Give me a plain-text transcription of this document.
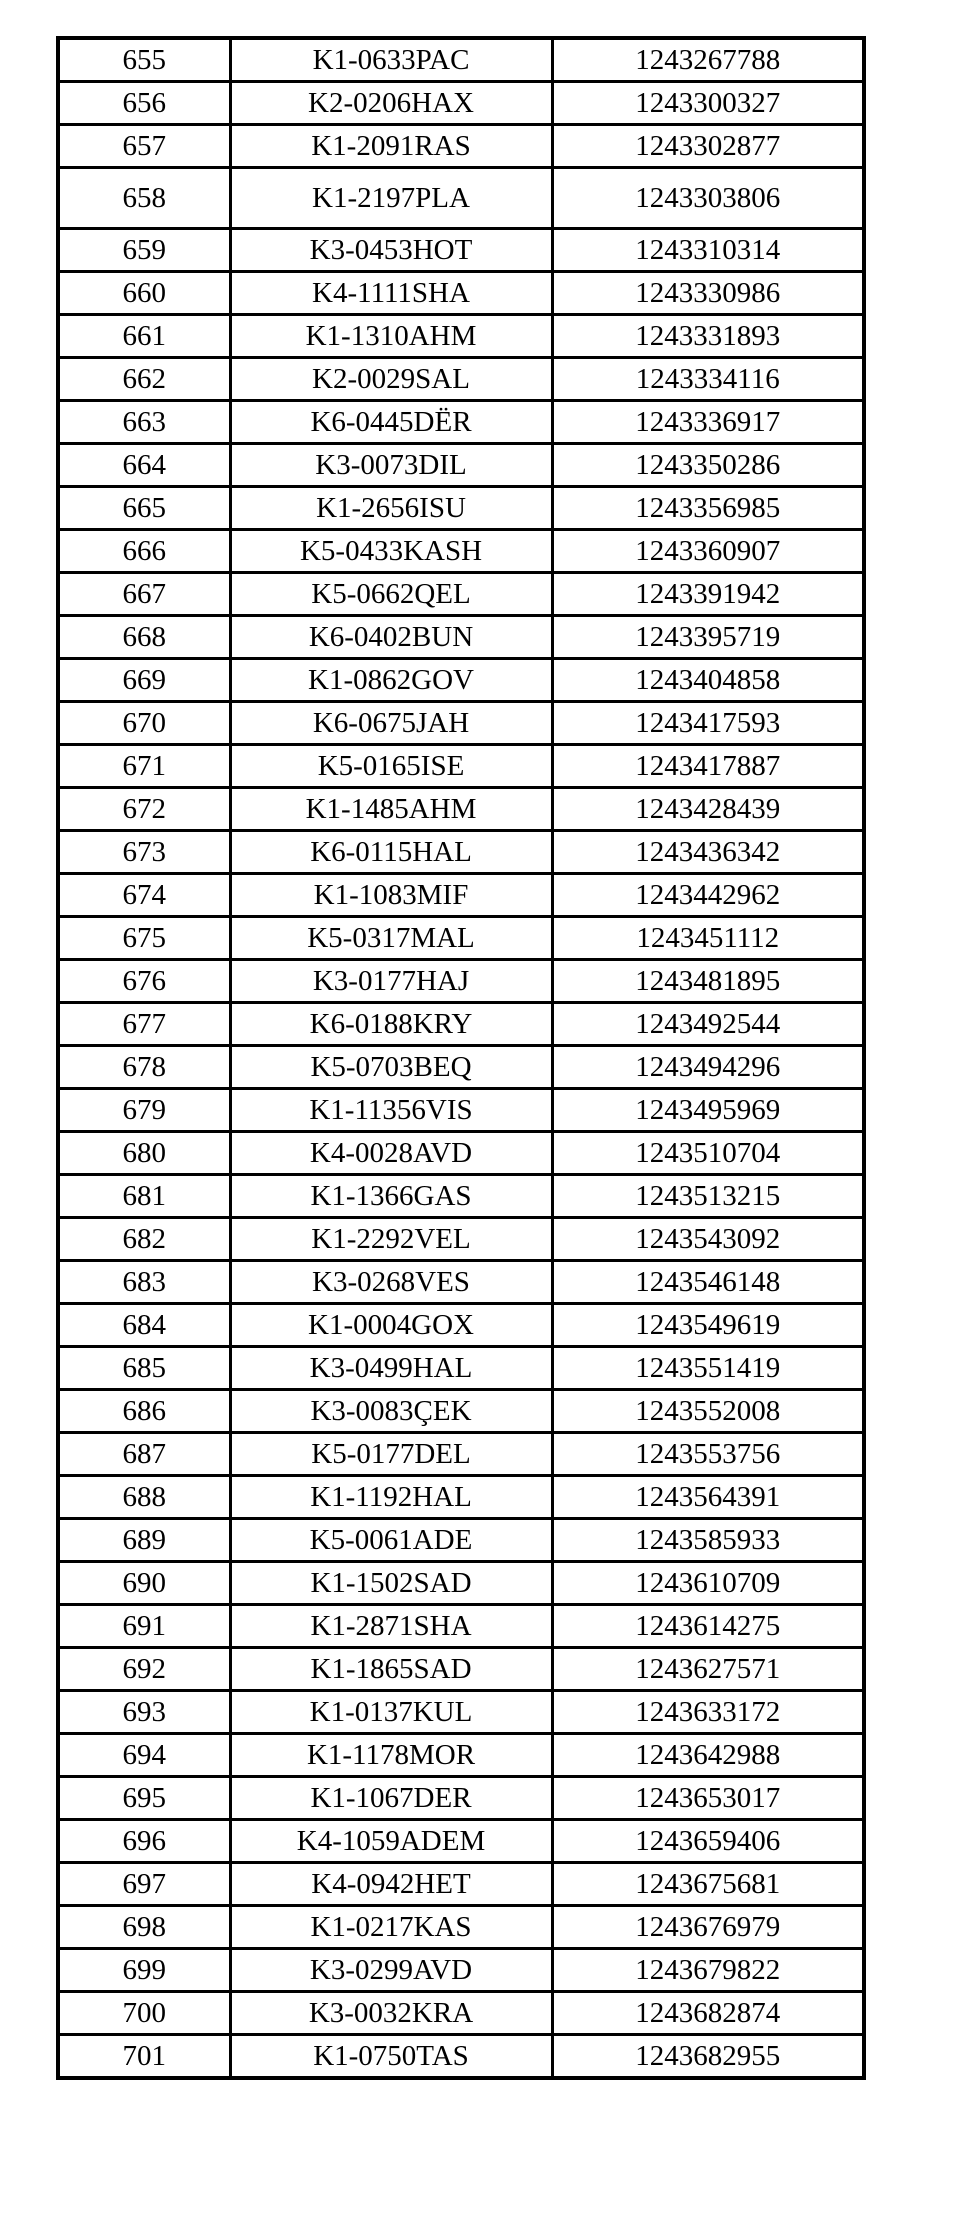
655	K1-0633PAC	1243267788
656	K2-0206HAX	1243300327
657	K1-2091RAS	1243302877
658	K1-2197PLA	1243303806
659	K3-0453HOT	1243310314
660	K4-1111SHA	1243330986
661	K1-1310AHM	1243331893
662	K2-0029SAL	1243334116
663	K6-0445DËR	1243336917
664	K3-0073DIL	1243350286
665	K1-2656ISU	1243356985
666	K5-0433KASH	1243360907
667	K5-0662QEL	1243391942
668	K6-0402BUN	1243395719
669	K1-0862GOV	1243404858
670	K6-0675JAH	1243417593
671	K5-0165ISE	1243417887
672	K1-1485AHM	1243428439
673	K6-0115HAL	1243436342
674	K1-1083MIF	1243442962
675	K5-0317MAL	1243451112
676	K3-0177HAJ	1243481895
677	K6-0188KRY	1243492544
678	K5-0703BEQ	1243494296
679	K1-11356VIS	1243495969
680	K4-0028AVD	1243510704
681	K1-1366GAS	1243513215
682	K1-2292VEL	1243543092
683	K3-0268VES	1243546148
684	K1-0004GOX	1243549619
685	K3-0499HAL	1243551419
686	K3-0083ÇEK	1243552008
687	K5-0177DEL	1243553756
688	K1-1192HAL	1243564391
689	K5-0061ADE	1243585933
690	K1-1502SAD	1243610709
691	K1-2871SHA	1243614275
692	K1-1865SAD	1243627571
693	K1-0137KUL	1243633172
694	K1-1178MOR	1243642988
695	K1-1067DER	1243653017
696	K4-1059ADEM	1243659406
697	K4-0942HET	1243675681
698	K1-0217KAS	1243676979
699	K3-0299AVD	1243679822
700	K3-0032KRA	1243682874
701	K1-0750TAS	1243682955
